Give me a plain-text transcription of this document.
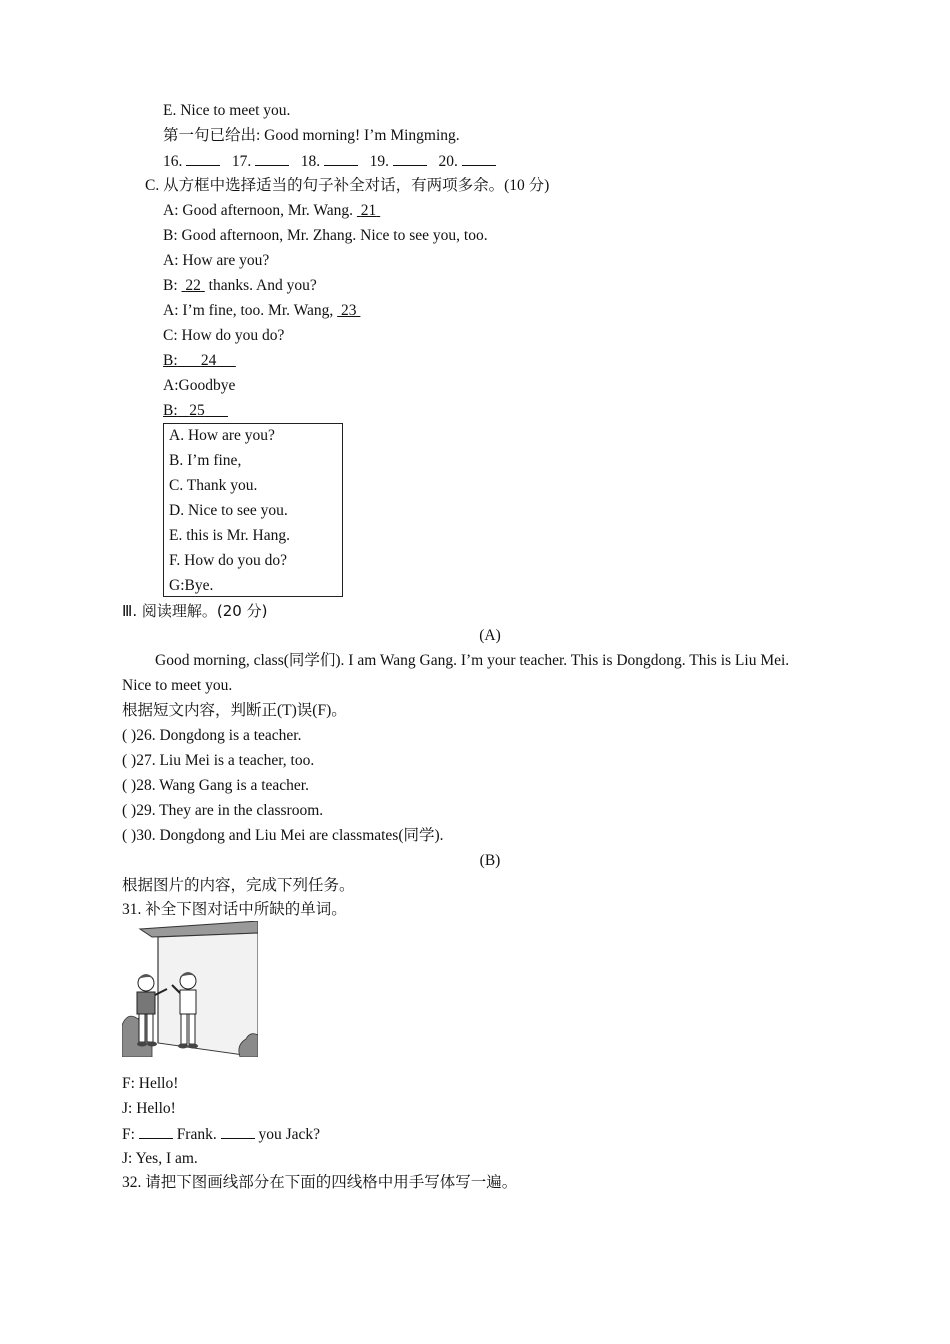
E. Nice to meet you.
第一句已给出: Good morning! I’m Mingming.
16.	17.	18.	19.	20.
C. 从方框中选择适当的句子补全对话，有两项多余。(10 分)
A: Good afternoon, Mr. Wang.  21
B: Good afternoon, Mr. Zhang. Nice to see you, too.
A: How are you?
B:  22  thanks. And you?
A: I’m fine, too. Mr. Wang,  23
C: How do you do?
B: 24
A:Goodbye
B: 25
A. How are you?
B. I’m fine,
C. Thank you.
D. Nice to see you.
E. this is Mr. Hang.
F. How do you do?
G:Bye.
Ⅲ. 阅读理解。(20 分)
(A)
Good morning, class(同学们). I am Wang Gang. I’m your teacher. This is Dongdong. This is Liu Mei.
Nice to meet you.
根据短文内容，判断正(T)误(F)。
( )26. Dongdong is a teacher.
( )27. Liu Mei is a teacher, too.
( )28. Wang Gang is a teacher.
( )29. They are in the classroom.
( )30. Dongdong and Liu Mei are classmates(同学).
(B)
根据图片的内容，完成下列任务。
31. 补全下图对话中所缺的单词。
F: Hello!
J: Hello!
F:  Frank.  you Jack?
J: Yes, I am.
32. 请把下图画线部分在下面的四线格中用手写体写一遍。
